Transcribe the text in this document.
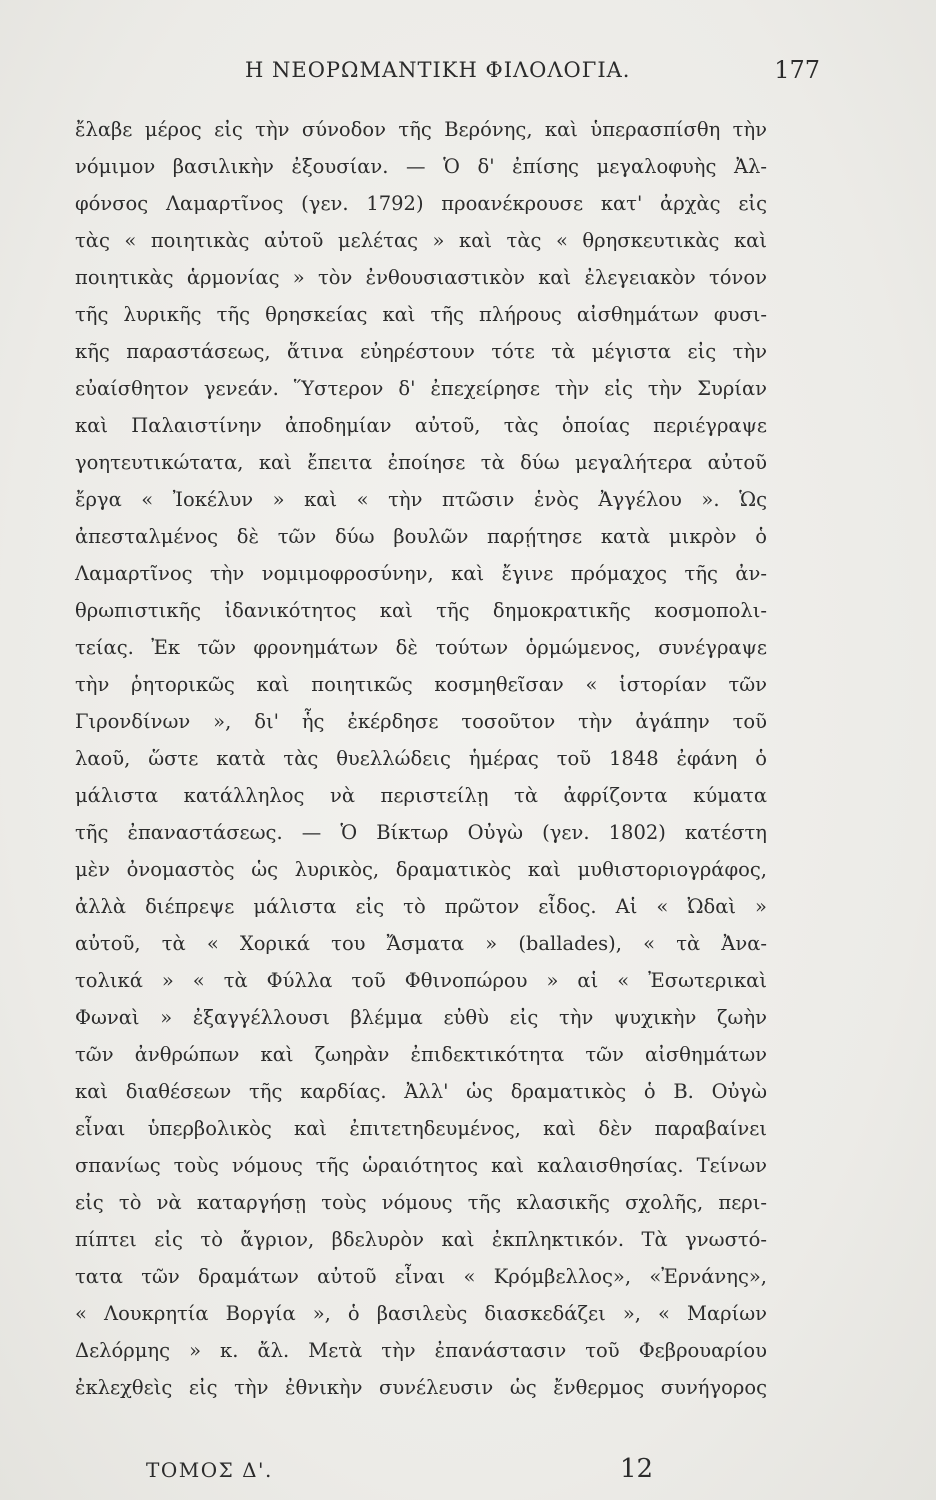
Η ΝΕΟΡΩΜΑΝΤΙΚΗ ΦΙΛΟΛΟΓΙΑ.	177
ἔλαβε μέρος εἰς τὴν σύνοδον τῆς Βερόνης, καὶ ὑπερασπίσθη τὴν
νόμιμον βασιλικὴν ἐξουσίαν. — Ὁ δ' ἐπίσης μεγαλοφυὴς Ἀλ-
φόνσος Λαμαρτῖνος (γεν. 1792) προανέκρουσε κατ' ἀρχὰς εἰς
τὰς « ποιητικὰς αὐτοῦ μελέτας » καὶ τὰς « θρησκευτικὰς καὶ
ποιητικὰς ἁρμονίας » τὸν ἐνθουσιαστικὸν καὶ ἐλεγειακὸν τόνον
τῆς λυρικῆς τῆς θρησκείας καὶ τῆς πλήρους αἰσθημάτων φυσι-
κῆς παραστάσεως, ἅτινα εὐηρέστουν τότε τὰ μέγιστα εἰς τὴν
εὐαίσθητον γενεάν. Ὕστερον δ' ἐπεχείρησε τὴν εἰς τὴν Συρίαν
καὶ Παλαιστίνην ἀποδημίαν αὐτοῦ, τὰς ὁποίας περιέγραψε
γοητευτικώτατα, καὶ ἔπειτα ἐποίησε τὰ δύω μεγαλήτερα αὐτοῦ
ἔργα « Ἰοκέλυν » καὶ « τὴν πτῶσιν ἑνὸς Ἀγγέλου ». Ὡς
ἀπεσταλμένος δὲ τῶν δύω βουλῶν παρῄτησε κατὰ μικρὸν ὁ
Λαμαρτῖνος τὴν νομιμοφροσύνην, καὶ ἔγινε πρόμαχος τῆς ἀν-
θρωπιστικῆς ἰδανικότητος καὶ τῆς δημοκρατικῆς κοσμοπολι-
τείας. Ἐκ τῶν φρονημάτων δὲ τούτων ὁρμώμενος, συνέγραψε
τὴν ῥητορικῶς καὶ ποιητικῶς κοσμηθεῖσαν « ἱστορίαν τῶν
Γιρονδίνων », δι' ἧς ἐκέρδησε τοσοῦτον τὴν ἀγάπην τοῦ
λαοῦ, ὥστε κατὰ τὰς θυελλώδεις ἡμέρας τοῦ 1848 ἐφάνη ὁ
μάλιστα κατάλληλος νὰ περιστείλῃ τὰ ἀφρίζοντα κύματα
τῆς ἐπαναστάσεως. — Ὁ Βίκτωρ Οὐγὼ (γεν. 1802) κατέστη
μὲν ὀνομαστὸς ὡς λυρικὸς, δραματικὸς καὶ μυθιστοριογράφος,
ἀλλὰ διέπρεψε μάλιστα εἰς τὸ πρῶτον εἶδος. Αἱ « Ὠδαὶ »
αὐτοῦ, τὰ « Χορικά του Ἄσματα » (ballades), « τὰ Ἀνα-
τολικά » « τὰ Φύλλα τοῦ Φθινοπώρου » αἱ « Ἐσωτερικαὶ
Φωναὶ » ἐξαγγέλλουσι βλέμμα εὐθὺ εἰς τὴν ψυχικὴν ζωὴν
τῶν ἀνθρώπων καὶ ζωηρὰν ἐπιδεκτικότητα τῶν αἰσθημάτων
καὶ διαθέσεων τῆς καρδίας. Ἀλλ' ὡς δραματικὸς ὁ Β. Οὐγὼ
εἶναι ὑπερβολικὸς καὶ ἐπιτετηδευμένος, καὶ δὲν παραβαίνει
σπανίως τοὺς νόμους τῆς ὡραιότητος καὶ καλαισθησίας. Τείνων
εἰς τὸ νὰ καταργήσῃ τοὺς νόμους τῆς κλασικῆς σχολῆς, περι-
πίπτει εἰς τὸ ἄγριον, βδελυρὸν καὶ ἐκπληκτικόν. Τὰ γνωστό-
τατα τῶν δραμάτων αὐτοῦ εἶναι « Κρόμβελλος», «Ἐρνάνης»,
« Λουκρητία Βοργία », ὁ βασιλεὺς διασκεδάζει », « Μαρίων
Δελόρμης » κ. ἄλ. Μετὰ τὴν ἐπανάστασιν τοῦ Φεβρουαρίου
ἐκλεχθεὶς εἰς τὴν ἐθνικὴν συνέλευσιν ὡς ἔνθερμος συνήγορος
ΤΟΜΟΣ Δ'.	12
